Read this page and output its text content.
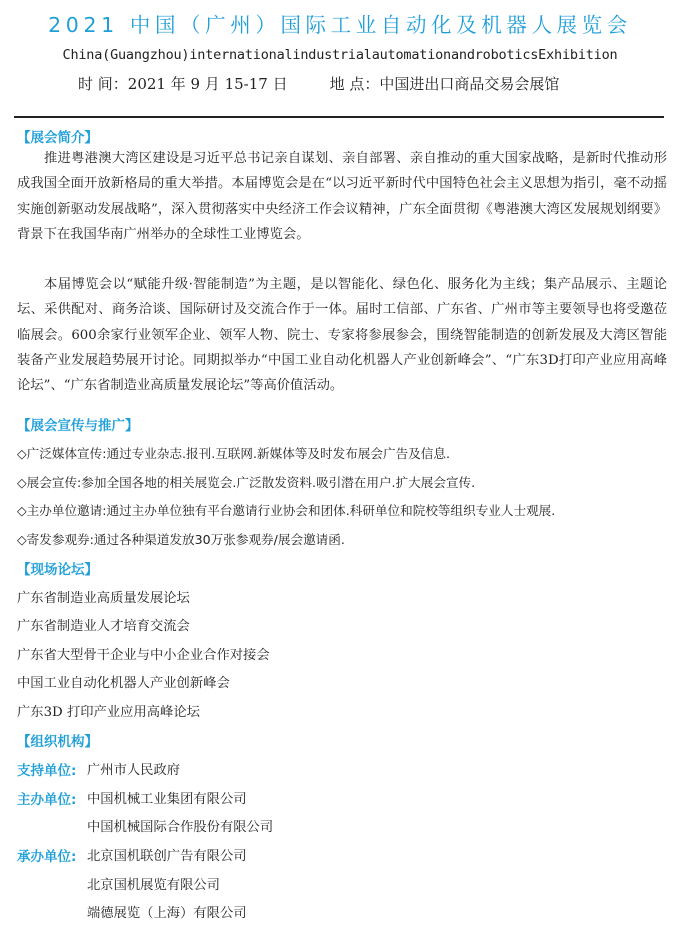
2021 中国（广州）国际工业自动化及机器人展览会
China(Guangzhou)internationalindustrialautomationandroboticsExhibition
时 间：2021 年 9 月 15-17 日	地 点：中国进出口商品交易会展馆
【展会简介】
推进粤港澳大湾区建设是习近平总书记亲自谋划、亲自部署、亲自推动的重大国家战略，是新时代推动形成我国全面开放新格局的重大举措。本届博览会是在“以习近平新时代中国特色社会主义思想为指引，毫不动摇实施创新驱动发展战略”，深入贯彻落实中央经济工作会议精神，广东全面贯彻《粤港澳大湾区发展规划纲要》背景下在我国华南广州举办的全球性工业博览会。
本届博览会以“赋能升级·智能制造”为主题，是以智能化、绿色化、服务化为主线；集产品展示、主题论坛、采供配对、商务洽谈、国际研讨及交流合作于一体。届时工信部、广东省、广州市等主要领导也将受邀莅临展会。600余家行业领军企业、领军人物、院士、专家将参展参会，围绕智能制造的创新发展及大湾区智能装备产业发展趋势展开讨论。同期拟举办“中国工业自动化机器人产业创新峰会”、“广东3D打印产业应用高峰论坛”、“广东省制造业高质量发展论坛”等高价值活动。
【展会宣传与推广】
◇广泛媒体宣传:通过专业杂志.报刊.互联网.新媒体等及时发布展会广告及信息.
◇展会宣传:参加全国各地的相关展览会.广泛散发资料.吸引潜在用户.扩大展会宣传.
◇主办单位邀请:通过主办单位独有平台邀请行业协会和团体.科研单位和院校等组织专业人士观展.
◇寄发参观券:通过各种渠道发放30万张参观券/展会邀请函.
【现场论坛】
广东省制造业高质量发展论坛
广东省制造业人才培育交流会
广东省大型骨干企业与中小企业合作对接会
中国工业自动化机器人产业创新峰会
广东3D 打印产业应用高峰论坛
【组织机构】
支持单位: 广州市人民政府
主办单位: 中国机械工业集团有限公司
中国机械国际合作股份有限公司
承办单位: 北京国机联创广告有限公司
北京国机展览有限公司
端德展览（上海）有限公司
